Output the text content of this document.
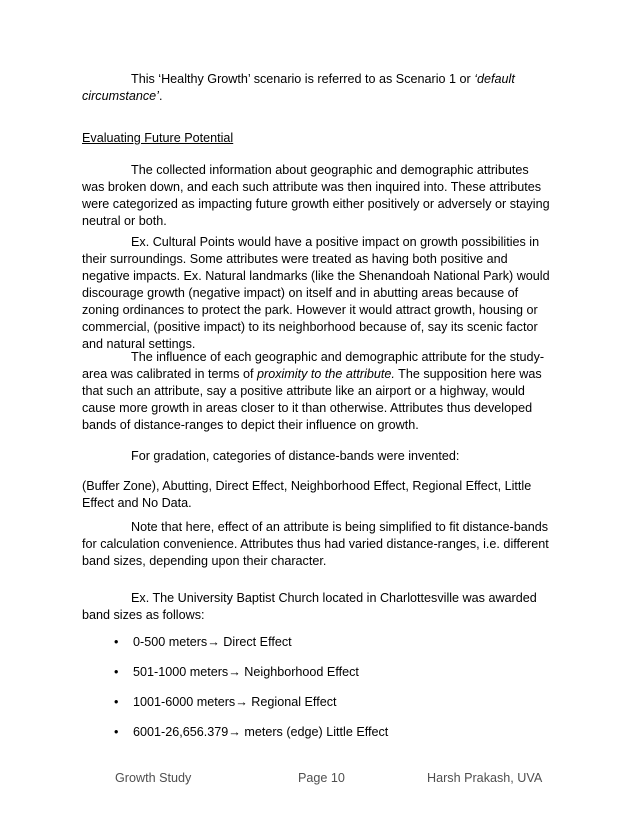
This ‘Healthy Growth’ scenario is referred to as Scenario 1 or ‘default circumstance’.

Evaluating Future Potential

The collected information about geographic and demographic attributes was broken down, and each such attribute was then inquired into. These attributes were categorized as impacting future growth either positively or adversely or staying neutral or both.

Ex. Cultural Points would have a positive impact on growth possibilities in their surroundings. Some attributes were treated as having both positive and negative impacts. Ex. Natural landmarks (like the Shenandoah National Park) would discourage growth (negative impact) on itself and in abutting areas because of zoning ordinances to protect the park. However it would attract growth, housing or commercial, (positive impact) to its neighborhood because of, say its scenic factor and natural settings.

The influence of each geographic and demographic attribute for the study-area was calibrated in terms of proximity to the attribute. The supposition here was that such an attribute, say a positive attribute like an airport or a highway, would cause more growth in areas closer to it than otherwise. Attributes thus developed bands of distance-ranges to depict their influence on growth.

For gradation, categories of distance-bands were invented:

(Buffer Zone), Abutting, Direct Effect, Neighborhood Effect, Regional Effect, Little Effect and No Data.

Note that here, effect of an attribute is being simplified to fit distance-bands for calculation convenience. Attributes thus had varied distance-ranges, i.e. different band sizes, depending upon their character.

Ex. The University Baptist Church located in Charlottesville was awarded band sizes as follows:

• 0-500 meters→ Direct Effect
• 501-1000 meters→ Neighborhood Effect
• 1001-6000 meters→ Regional Effect
• 6001-26,656.379→ meters (edge) Little Effect
Growth Study	Page 10	Harsh Prakash, UVA
